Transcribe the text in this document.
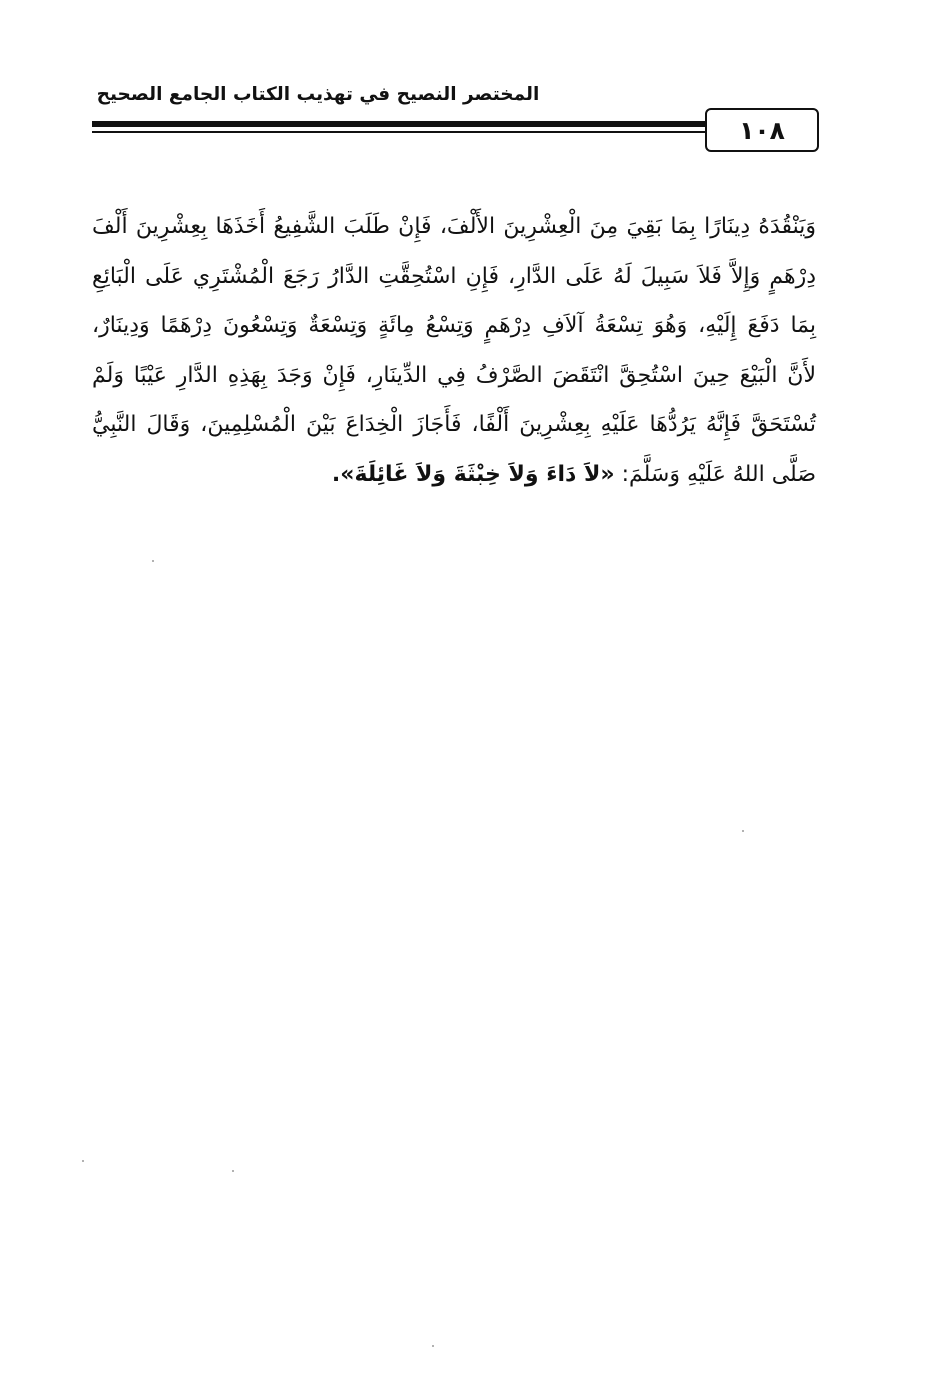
المختصر النصيح في تهذيب الكتاب الجامع الصحيح
١٠٨
وَيَنْقُدَهُ دِينَارًا بِمَا بَقِيَ مِنَ الْعِشْرِينَ الأَلْفَ، فَإِنْ طَلَبَ الشَّفِيعُ أَخَذَهَا بِعِشْرِينَ أَلْفَ
دِرْهَمٍ وَإِلاَّ فَلاَ سَبِيلَ لَهُ عَلَى الدَّارِ، فَإِنِ اسْتُحِقَّتِ الدَّارُ رَجَعَ الْمُشْتَرِي عَلَى الْبَائِعِ
بِمَا دَفَعَ إِلَيْهِ، وَهُوَ تِسْعَةُ آلاَفِ دِرْهَمٍ وَتِسْعُ مِائَةٍ وَتِسْعَةٌ وَتِسْعُونَ دِرْهَمًا وَدِينَارٌ،
لأَنَّ الْبَيْعَ حِينَ اسْتُحِقَّ انْتَقَضَ الصَّرْفُ فِي الدِّينَارِ، فَإِنْ وَجَدَ بِهَذِهِ الدَّارِ عَيْبًا وَلَمْ
تُسْتَحَقَّ فَإِنَّهُ يَرُدُّهَا عَلَيْهِ بِعِشْرِينَ أَلْفًا، فَأَجَازَ الْخِدَاعَ بَيْنَ الْمُسْلِمِينَ، وَقَالَ النَّبِيُّ
صَلَّى اللهُ عَلَيْهِ وَسَلَّمَ: «لاَ دَاءَ وَلاَ خِبْثَةَ وَلاَ غَائِلَةَ».
